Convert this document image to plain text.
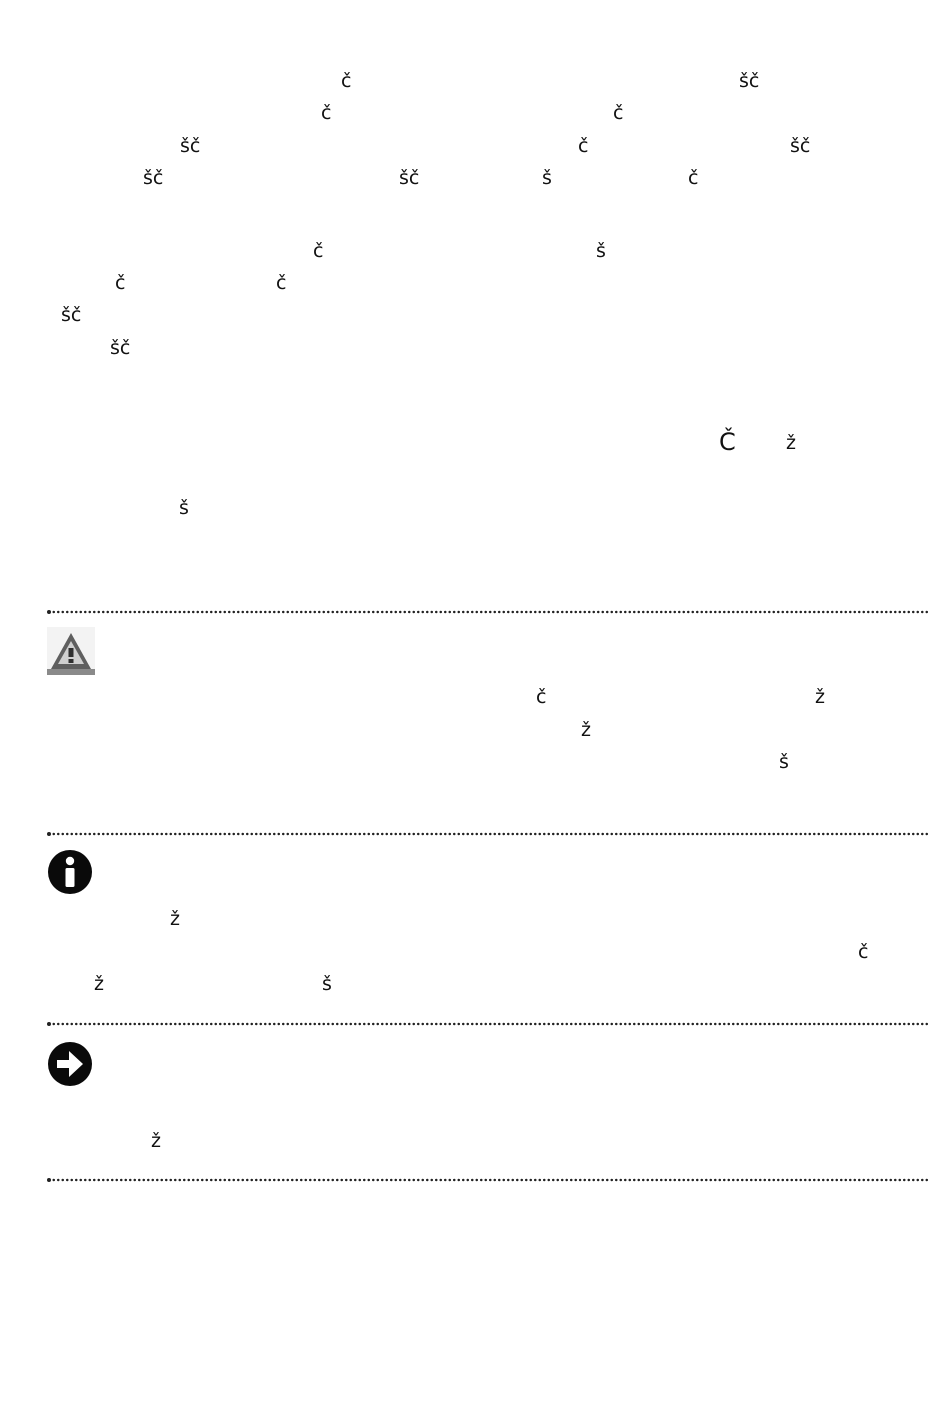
č	šč
č	č
šč	č	šč
šč	šč	š	č
č	š
č	č
šč
šč
Č	ž
š
č	ž
ž
š
ž
č
ž	š
ž
